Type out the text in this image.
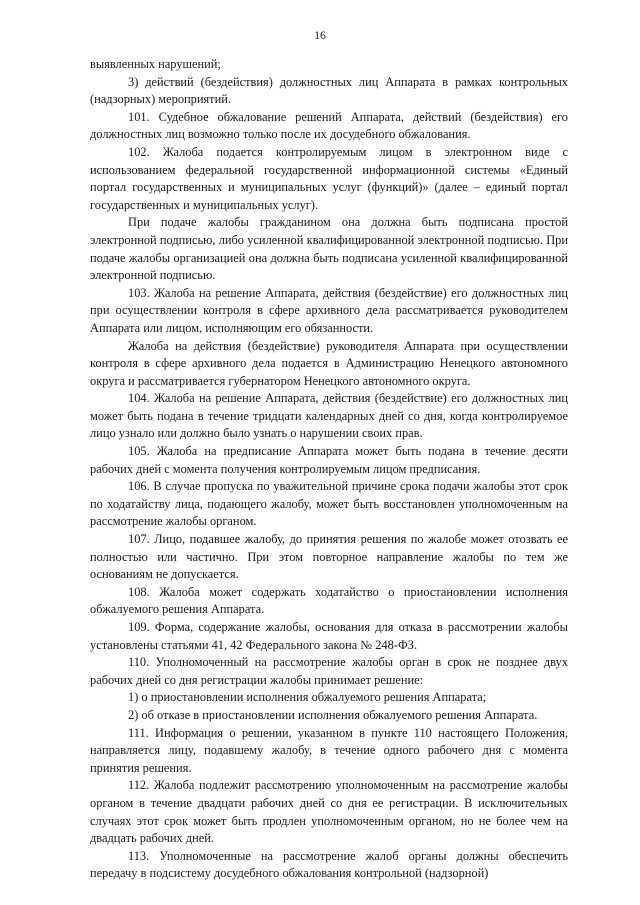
16

выявленных нарушений;

3) действий (бездействия) должностных лиц Аппарата в рамках контрольных (надзорных) мероприятий.

101. Судебное обжалование решений Аппарата, действий (бездействия) его должностных лиц возможно только после их досудебного обжалования.

102. Жалоба подается контролируемым лицом в электронном виде с использованием федеральной государственной информационной системы «Единый портал государственных и муниципальных услуг (функций)» (далее – единый портал государственных и муниципальных услуг).

При подаче жалобы гражданином она должна быть подписана простой электронной подписью, либо усиленной квалифицированной электронной подписью. При подаче жалобы организацией она должна быть подписана усиленной квалифицированной электронной подписью.

103. Жалоба на решение Аппарата, действия (бездействие) его должностных лиц при осуществлении контроля в сфере архивного дела рассматривается руководителем Аппарата или лицом, исполняющим его обязанности.

Жалоба на действия (бездействие) руководителя Аппарата при осуществлении контроля в сфере архивного дела подается в Администрацию Ненецкого автономного округа и рассматривается губернатором Ненецкого автономного округа.

104. Жалоба на решение Аппарата, действия (бездействие) его должностных лиц может быть подана в течение тридцати календарных дней со дня, когда контролируемое лицо узнало или должно было узнать о нарушении своих прав.

105. Жалоба на предписание Аппарата может быть подана в течение десяти рабочих дней с момента получения контролируемым лицом предписания.

106. В случае пропуска по уважительной причине срока подачи жалобы этот срок по ходатайству лица, подающего жалобу, может быть восстановлен уполномоченным на рассмотрение жалобы органом.

107. Лицо, подавшее жалобу, до принятия решения по жалобе может отозвать ее полностью или частично. При этом повторное направление жалобы по тем же основаниям не допускается.

108. Жалоба может содержать ходатайство о приостановлении исполнения обжалуемого решения Аппарата.

109. Форма, содержание жалобы, основания для отказа в рассмотрении жалобы установлены статьями 41, 42 Федерального закона № 248-ФЗ.

110. Уполномоченный на рассмотрение жалобы орган в срок не позднее двух рабочих дней со дня регистрации жалобы принимает решение:

1) о приостановлении исполнения обжалуемого решения Аппарата;

2) об отказе в приостановлении исполнения обжалуемого решения Аппарата.

111. Информация о решении, указанном в пункте 110 настоящего Положения, направляется лицу, подавшему жалобу, в течение одного рабочего дня с момента принятия решения.

112. Жалоба подлежит рассмотрению уполномоченным на рассмотрение жалобы органом в течение двадцати рабочих дней со дня ее регистрации. В исключительных случаях этот срок может быть продлен уполномоченным органом, но не более чем на двадцать рабочих дней.

113. Уполномоченные на рассмотрение жалоб органы должны обеспечить передачу в подсистему досудебного обжалования контрольной (надзорной)
